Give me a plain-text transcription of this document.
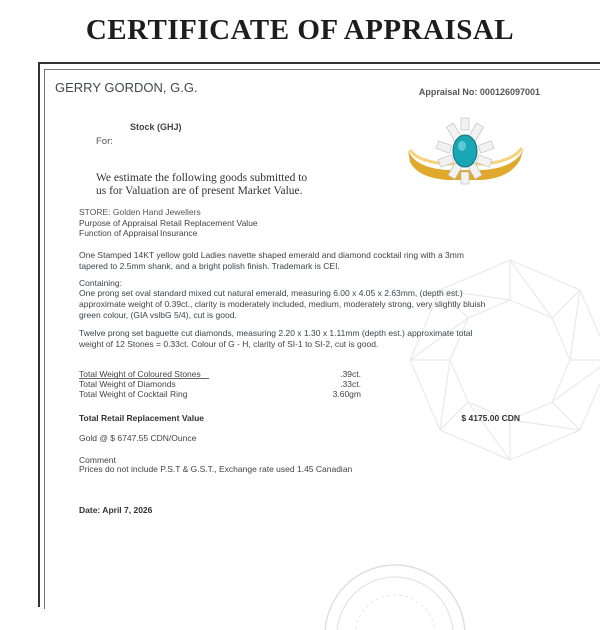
CERTIFICATE OF APPRAISAL
GERRY GORDON, G.G.	Appraisal No: 000126097001
Stock (GHJ)
For:
We estimate the following goods submitted to
us for Valuation are of present Market Value.
STORE: Golden Hand Jewellers
Purpose of Appraisal Retail Replacement Value
Function of Appraisal Insurance
One Stamped 14KT yellow gold Ladies navette shaped emerald and diamond cocktail ring with a 3mm
tapered to 2.5mm shank, and a bright polish finish. Trademark is CEI.
Containing:
One prong set oval standard mixed cut natural emerald, measuring 6.00 x 4.05 x 2.63mm, (depth est.)
approximate weight of 0.39ct., clarity is moderately included, medium, moderately strong, very slightly bluish
green colour, (GIA vslbG 5/4), cut is good.
Twelve prong set baguette cut diamonds, measuring 2.20 x 1.30 x 1.11mm (depth est.) approximate total
weight of 12 Stones = 0.33ct. Colour of G - H, clarity of SI-1 to SI-2, cut is good.
Total Weight of Coloured Stones	.39ct.
Total Weight of Diamonds	.33ct.
Total Weight of Cocktail Ring	3.60gm
Total Retail Replacement Value	$ 4175.00 CDN
Gold @ $ 6747.55 CDN/Ounce
Comment
Prices do not include P.S.T & G.S.T., Exchange rate used 1.45 Canadian
Date: April 7, 2026
